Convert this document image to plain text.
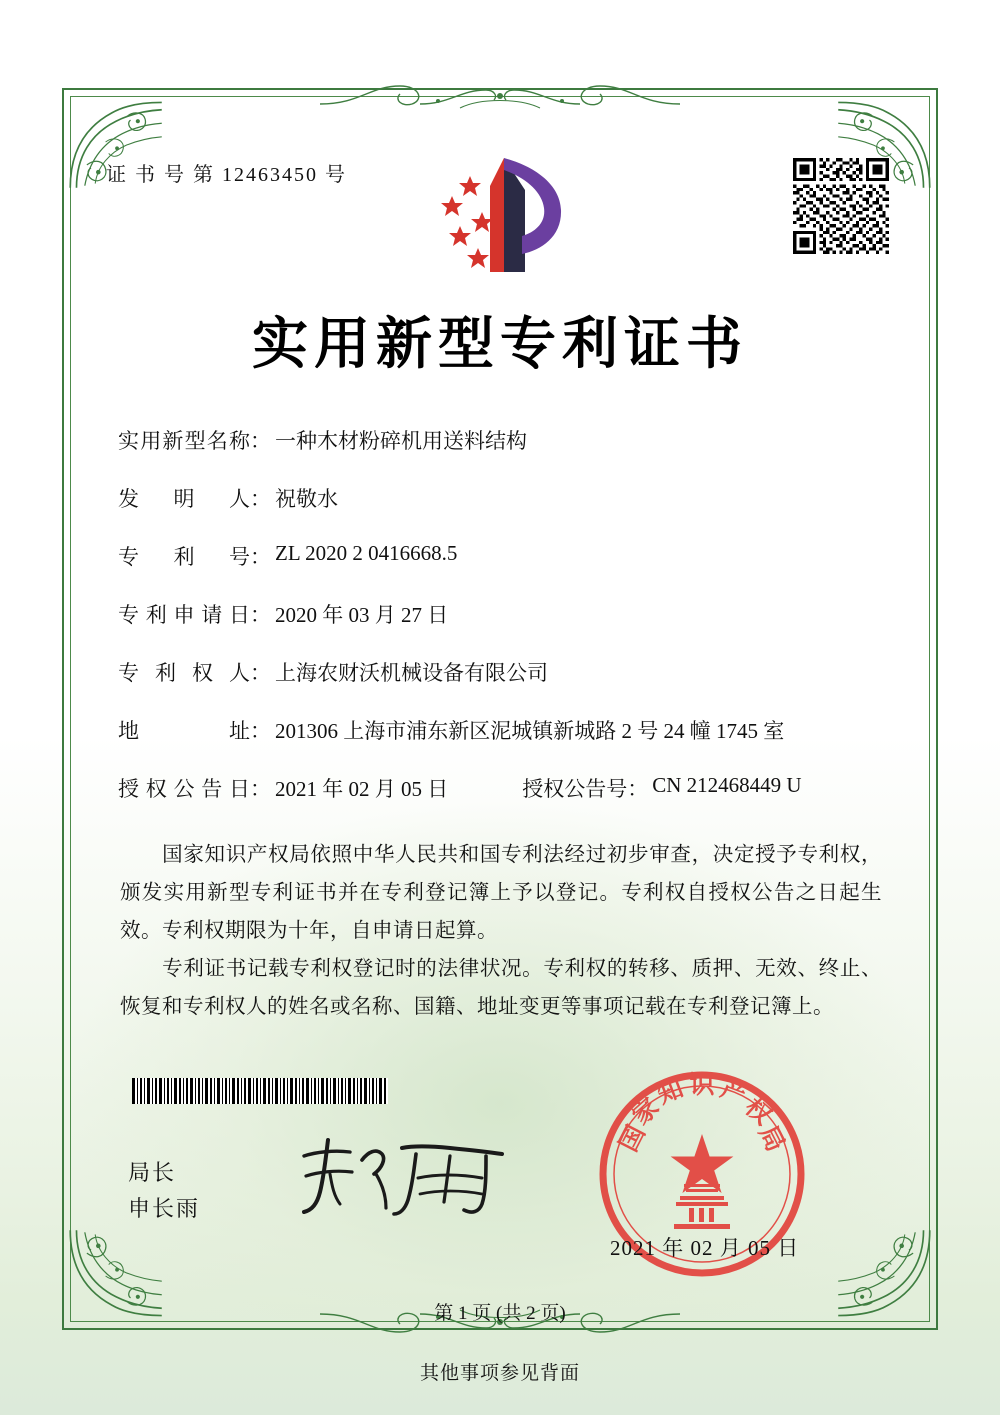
证 书 号 第 12463450 号
实用新型专利证书
实用新型名称： 一种木材粉碎机用送料结构
发明人： 祝敬水
专利号： ZL 2020 2 0416668.5
专利申请日： 2020 年 03 月 27 日
专利权人： 上海农财沃机械设备有限公司
地址： 201306 上海市浦东新区泥城镇新城路 2 号 24 幢 1745 室
授权公告日： 2021 年 02 月 05 日	授权公告号： CN 212468449 U
国家知识产权局依照中华人民共和国专利法经过初步审查，决定授予专利权，颁发实用新型专利证书并在专利登记簿上予以登记。专利权自授权公告之日起生效。专利权期限为十年，自申请日起算。
专利证书记载专利权登记时的法律状况。专利权的转移、质押、无效、终止、恢复和专利权人的姓名或名称、国籍、地址变更等事项记载在专利登记簿上。
局长
申长雨
国
家
知 识 产
权
局
2021 年 02 月 05 日
第 1 页 (共 2 页)
其他事项参见背面
